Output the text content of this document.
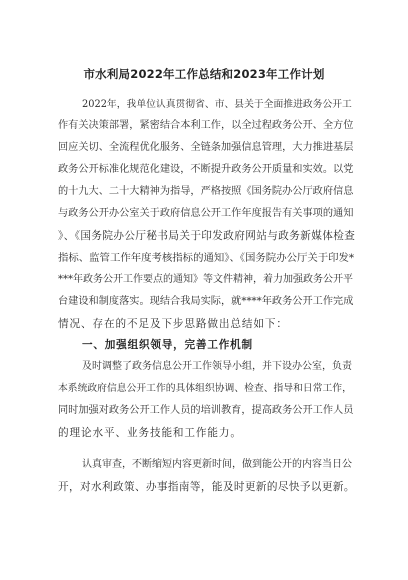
市水利局2022年工作总结和2023年工作计划
2022年，我单位认真贯彻省、市、县关于全面推进政务公开工
作有关决策部署，紧密结合本利工作，以全过程政务公开、全方位
回应关切、全流程优化服务、全链条加强信息管理，大力推进基层
政务公开标准化规范化建设，不断提升政务公开质量和实效。以党
的十九大、二十大精神为指导，严格按照《国务院办公厅政府信息
与政务公开办公室关于政府信息公开工作年度报告有关事项的通知
》、《国务院办公厅秘书局关于印发政府网站与政务新媒体检查
指标、监管工作年度考核指标的通知》、《国务院办公厅关于印发*
***年政务公开工作要点的通知》等文件精神，着力加强政务公开平
台建设和制度落实。现结合我局实际，就****年政务公开工作完成
情况、存在的不足及下步思路做出总结如下：
一、加强组织领导，完善工作机制
及时调整了政务信息公开工作领导小组，并下设办公室，负责
本系统政府信息公开工作的具体组织协调、检查、指导和日常工作，
同时加强对政务公开工作人员的培训教育，提高政务公开工作人员
的理论水平、业务技能和工作能力。
认真审查，不断缩短内容更新时间，做到能公开的内容当日公
开，对水利政策、办事指南等，能及时更新的尽快予以更新。
